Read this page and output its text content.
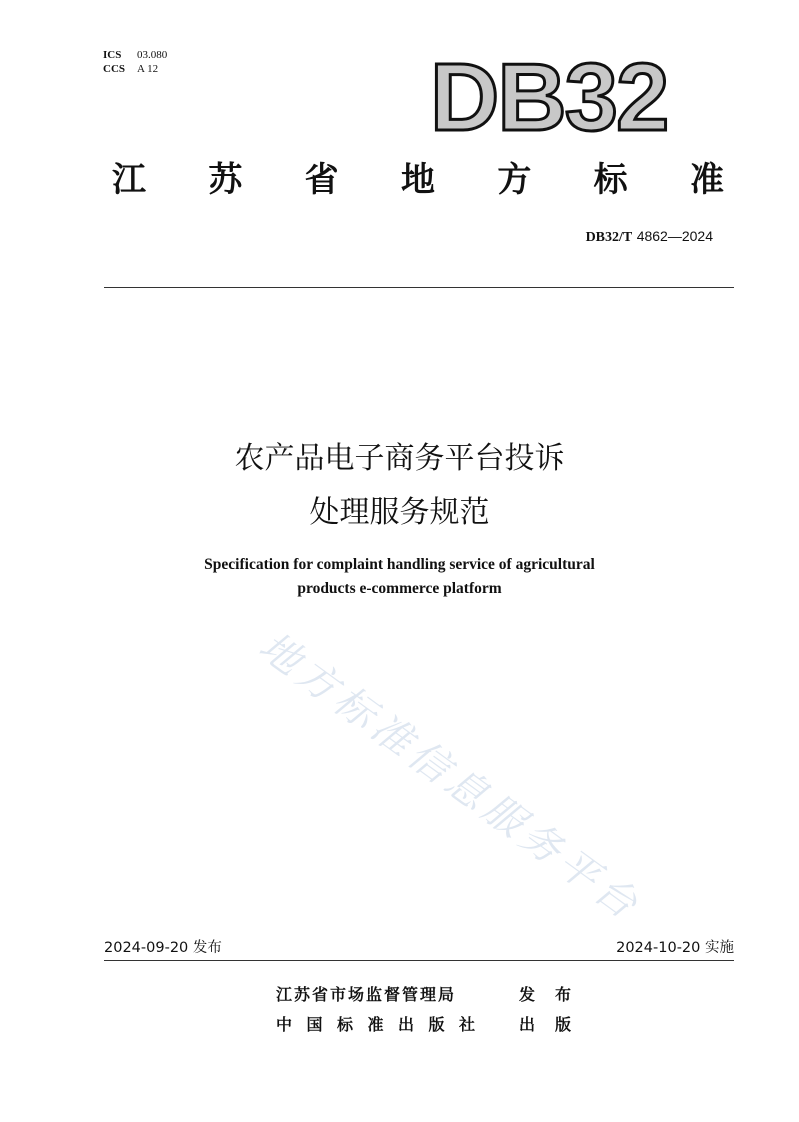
ICS 03.080
CCS A 12	DB32
江 苏 省 地 方 标 准
DB32/T 4862—2024
农产品电子商务平台投诉
处理服务规范
Specification for complaint handling service of agricultural
products e-commerce platform
地方标准信息服务平台
2024-09-20 发布	2024-10-20 实施
江苏省市场监督管理局	发布
中国标准出版社 出版
